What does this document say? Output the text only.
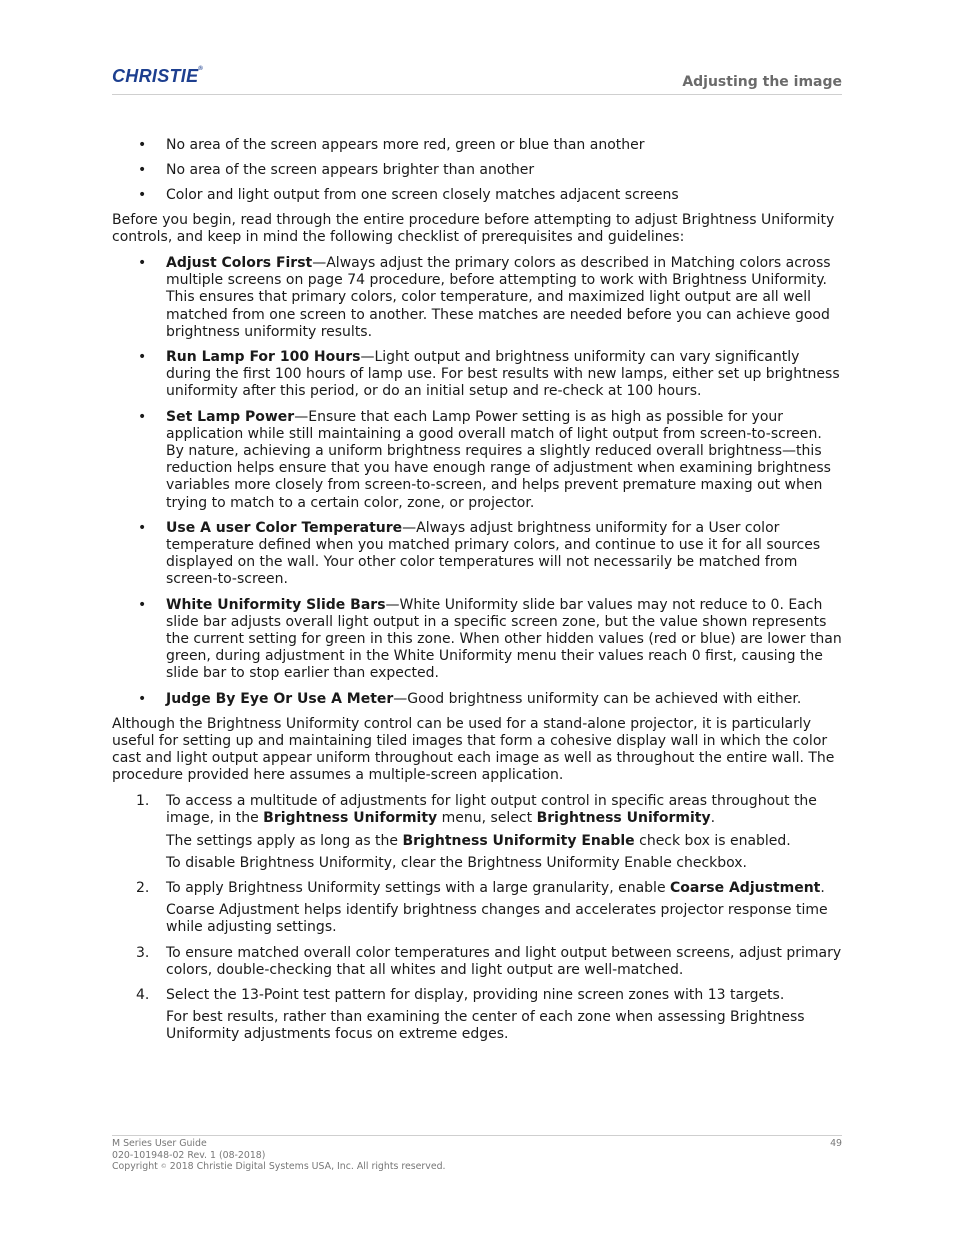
CHRISTIE®
Adjusting the image
• No area of the screen appears more red, green or blue than another
• No area of the screen appears brighter than another
• Color and light output from one screen closely matches adjacent screens

Before you begin, read through the entire procedure before attempting to adjust Brightness Uniformity controls, and keep in mind the following checklist of prerequisites and guidelines:

• Adjust Colors First—Always adjust the primary colors as described in Matching colors across multiple screens on page 74 procedure, before attempting to work with Brightness Uniformity. This ensures that primary colors, color temperature, and maximized light output are all well matched from one screen to another. These matches are needed before you can achieve good brightness uniformity results.
• Run Lamp For 100 Hours—Light output and brightness uniformity can vary significantly during the first 100 hours of lamp use. For best results with new lamps, either set up brightness uniformity after this period, or do an initial setup and re-check at 100 hours.
• Set Lamp Power—Ensure that each Lamp Power setting is as high as possible for your application while still maintaining a good overall match of light output from screen-to-screen. By nature, achieving a uniform brightness requires a slightly reduced overall brightness—this reduction helps ensure that you have enough range of adjustment when examining brightness variables more closely from screen-to-screen, and helps prevent premature maxing out when trying to match to a certain color, zone, or projector.
• Use A user Color Temperature—Always adjust brightness uniformity for a User color temperature defined when you matched primary colors, and continue to use it for all sources displayed on the wall. Your other color temperatures will not necessarily be matched from screen-to-screen.
• White Uniformity Slide Bars—White Uniformity slide bar values may not reduce to 0. Each slide bar adjusts overall light output in a specific screen zone, but the value shown represents the current setting for green in this zone. When other hidden values (red or blue) are lower than green, during adjustment in the White Uniformity menu their values reach 0 first, causing the slide bar to stop earlier than expected.
• Judge By Eye Or Use A Meter—Good brightness uniformity can be achieved with either.

Although the Brightness Uniformity control can be used for a stand-alone projector, it is particularly useful for setting up and maintaining tiled images that form a cohesive display wall in which the color cast and light output appear uniform throughout each image as well as throughout the entire wall. The procedure provided here assumes a multiple-screen application.

1. To access a multitude of adjustments for light output control in specific areas throughout the image, in the Brightness Uniformity menu, select Brightness Uniformity.
The settings apply as long as the Brightness Uniformity Enable check box is enabled.
To disable Brightness Uniformity, clear the Brightness Uniformity Enable checkbox.
2. To apply Brightness Uniformity settings with a large granularity, enable Coarse Adjustment.
Coarse Adjustment helps identify brightness changes and accelerates projector response time while adjusting settings.
3. To ensure matched overall color temperatures and light output between screens, adjust primary colors, double-checking that all whites and light output are well-matched.
4. Select the 13-Point test pattern for display, providing nine screen zones with 13 targets.
For best results, rather than examining the center of each zone when assessing Brightness Uniformity adjustments focus on extreme edges.
M Series User Guide
020-101948-02 Rev. 1 (08-2018)
Copyright © 2018 Christie Digital Systems USA, Inc. All rights reserved.
49
